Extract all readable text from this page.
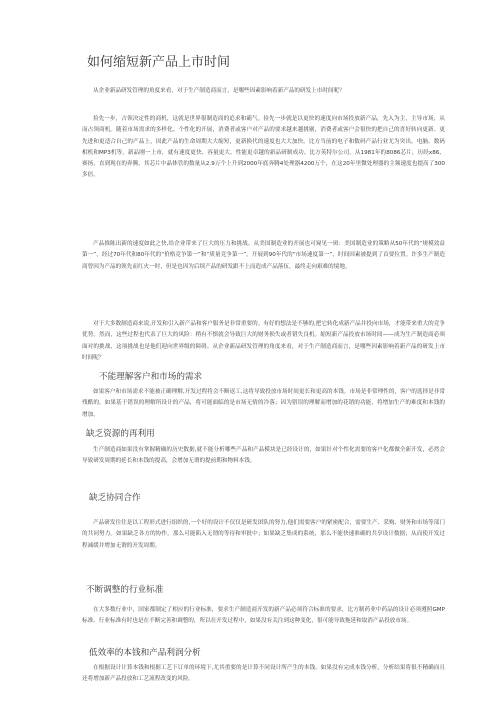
如何缩短新产品上市时间

从企业新品研发管理的角度来看，对于生产制造商而言，是哪些因素影响着新产品的研发上市时间呢？

捡先一步，占领决定性的商机，这就是世界很制造商的追求和霸气。捡先一步就是以更快的速度向市场投放新产品，先入为主，主导市场，从而占领商机。随着市场需求的多样化、个性化的开展，消费者或客户对产品的要求越来越挑剔，消费者或客户会很快的把自己的喜好转向更新、更先进和更适合自己的产品上，因此产品的生命周期大大缩短，更新换代的速度也大大加快。比方当前的电子和数码产品行业尤为突出，电脑、数码相机和MP3机等，新品刚一上市，就有速度更快、容量更大、性能更卓越的新品研制成功。比方英特尔公司，从1981年的8086芯片，历经x86、赛扬，直到现在的奔腾，其芯片中晶体管的数量从2.9万个上升到2000年底奔腾4处理器4200万个，在这20年里微处理器的主频速度也提高了300多倍。

产品推陈出新的速度如此之快,给企业带来了巨大的压力和挑战。从美国制造业的开展也可窥见一斑：美国制造业的策略从50年代的“规模效益第一”，经过70年代和80年代的“价格竞争第一”和“质量竞争第一”，开展到90年代的“市场速度第一”，时间因素被提到了首要位置。许多生产制造商曾因为产品的领先而红火一时，但是也因为后续产品的研发跟不上而造成产品落伍，最终走向艰难的境地。

对于大多数制造商来说,开发和引入新产品和客户服务是非常重要的。有好的想法是不够的,把它转化成新产品并投向市场，才能带来重大的竞争优势。然而，这些过程也代表了巨大的风险：稍有不慎就会导致巨大的财务损失或者错失良机。缩短新产品投放市场时间——成为生产制造商必须面对的挑战，这项挑战也是他们迎向世界级的障碍。从企业新品研发管理的角度来看，对于生产制造商而言，是哪些因素影响着新产品的研发上市时间呢？

不能理解客户和市场的需求

如果客户和市场需求不能被正确理解,开发过程将会不断返工,这将导致投放市场时间更长和更高的本钱。市场是非常理性的，客户的选择是非常残酷的，如果基于错误的理解所设计的产品，将可能面临的是市场无情的冷落；因为错误的理解而增加的花销的功能，将增加生产的难度和本钱的增加。

缺乏资源的再利用

生产制造商如果没有掌握精确的历史数据,就不能分析哪些产品和产品模块是已经设计的，如果针对个性化需要的客户化都做全新开发，必然会导致研发周期的延长和本钱的提高，会增加无谓的提前期和物料本钱。

缺乏协同合作

产品研发往往是以工程形式进行组织的,一个好的设计不仅仅是研发团队的努力,他们需要客户的紧密配合，需要生产、采购、财务和市场等部门的共同努力。如果缺乏各方的协作，那么可能陷入无谓的等待和审批中；如果缺乏集成的系统，那么不能快速准确的共享设计数据；从而使开发过程减缓并增加无谓的开发周期。

不断调整的行业标准

在大多数行业中，国家都制定了相应的行业标准，要求生产制造商开发的新产品必须符合标准的要求，比方制药业中药品的设计必须遵照GMP标准。行业标准有时也是在不断完善和调整的，所以在开发过程中，如果没有关注到这种变化，很可能导致拖延和取消产品投放市场。

低效率的本钱和产品利润分析

在根据设计计算本钱和根据工艺下订单的环境下,尤其重要的是计算不同设计所产生的本钱。如果没有完成本钱分析，分析结果将很不精确而且还将增加新产品投放和工艺流程改变的风险。
